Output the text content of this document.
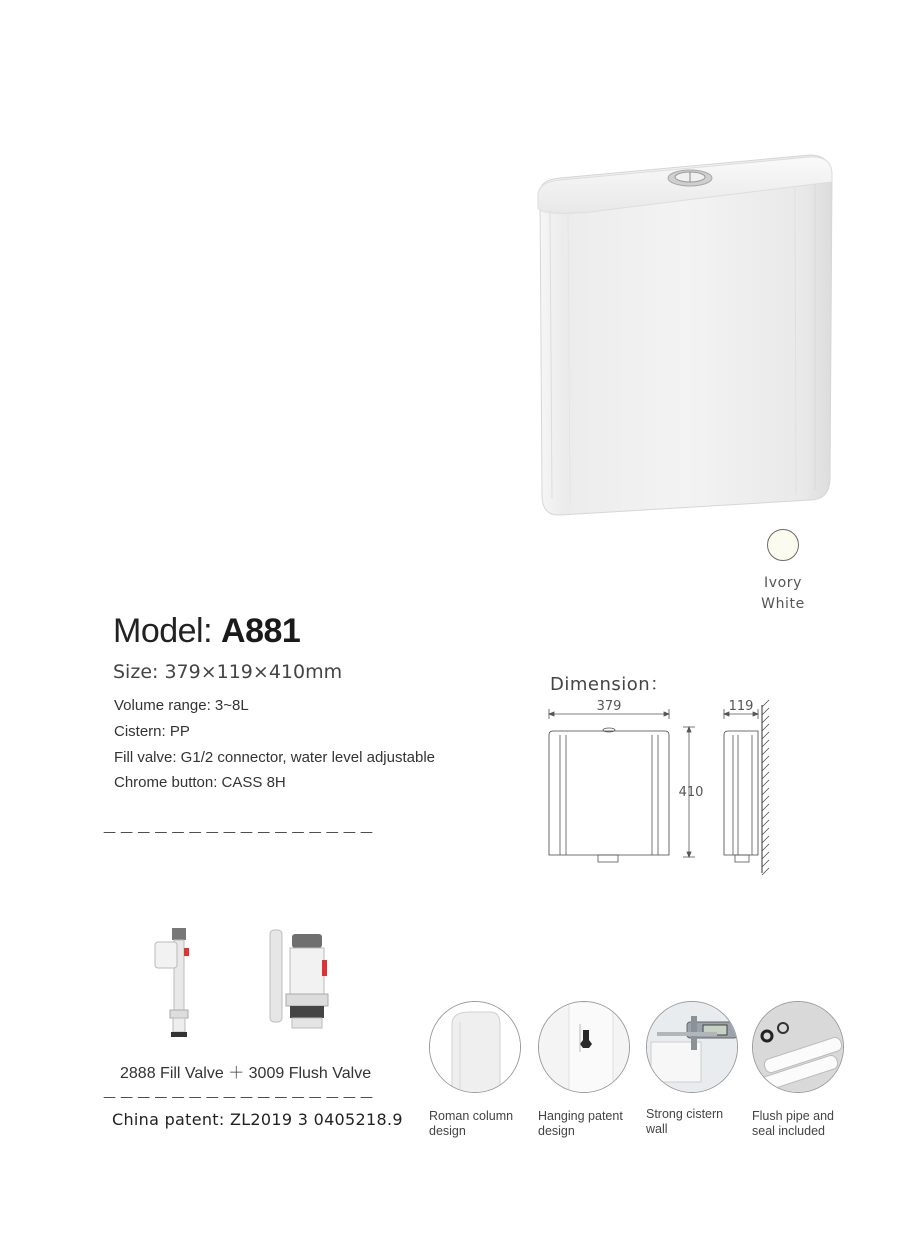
Ivory
White
Model: A881
Size: 379×119×410mm
Volume range: 3~8L
Cistern: PP
Fill valve: G1/2 connector, water level adjustable
Chrome button: CASS 8H
— — — — — — — — — — — — — — — —
Dimension：
379	119
410
2888 Fill Valve ＋ 3009 Flush Valve
— — — — — — — — — — — — — — — —
China patent: ZL2019 3 0405218.9 Roman column
design
Hanging patent
design
Strong cistern
wall
Flush pipe and
seal included
